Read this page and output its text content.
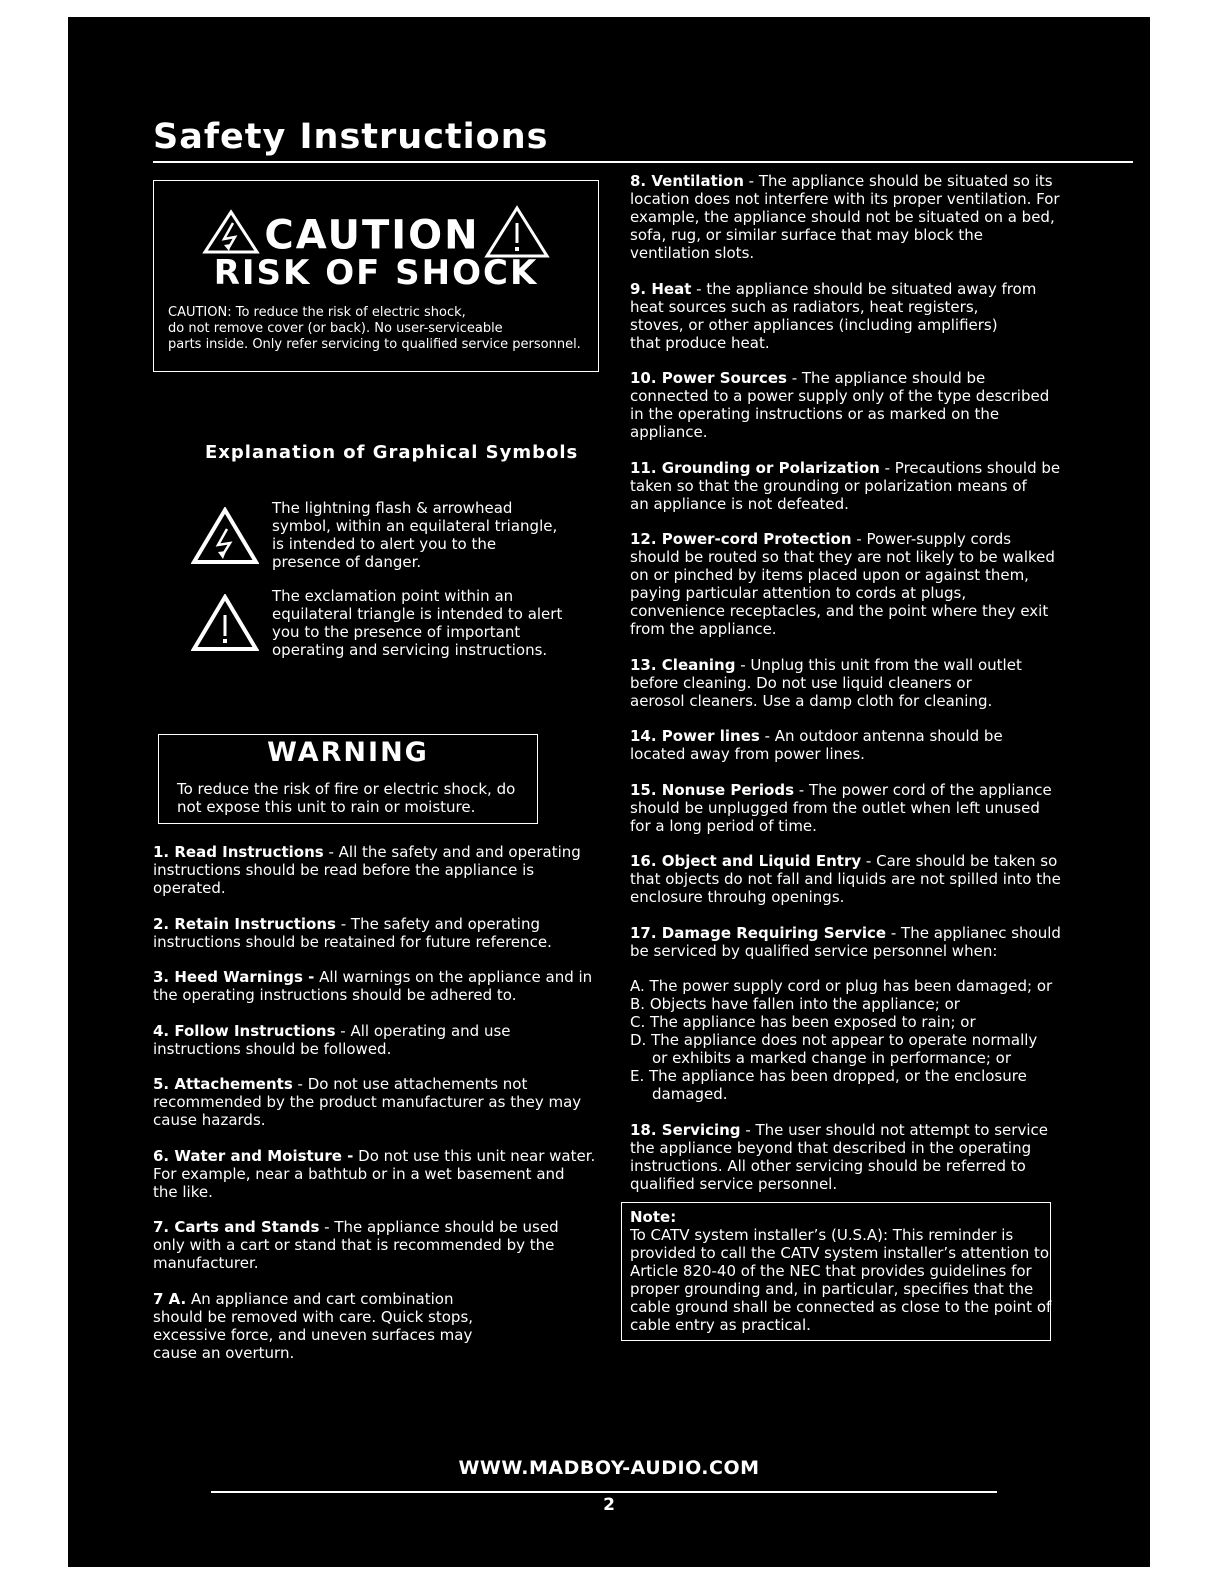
Safety Instructions
CAUTION
RISK OF SHOCK
CAUTION: To reduce the risk of electric shock,
do not remove cover (or back). No user-serviceable
parts inside. Only refer servicing to qualified service personnel.
Explanation of Graphical Symbols
The lightning flash & arrowhead
symbol, within an equilateral triangle,
is intended to alert you to the
presence of danger.
The exclamation point within an
equilateral triangle is intended to alert
you to the presence of important
operating and servicing instructions.
WARNING
To reduce the risk of fire or electric shock, do
not expose this unit to rain or moisture.
1. Read Instructions - All the safety and and operating
instructions should be read before the appliance is
operated.
2. Retain Instructions - The safety and operating
instructions should be reatained for future reference.
3. Heed Warnings - All warnings on the appliance and in
the operating instructions should be adhered to.
4. Follow Instructions - All operating and use
instructions should be followed.
5. Attachements - Do not use attachements not
recommended by the product manufacturer as they may
cause hazards.
6. Water and Moisture - Do not use this unit near water.
For example, near a bathtub or in a wet basement and
the like.
7. Carts and Stands - The appliance should be used
only with a cart or stand that is recommended by the
manufacturer.
7 A. An appliance and cart combination
should be removed with care. Quick stops,
excessive force, and uneven surfaces may
cause an overturn.
8. Ventilation - The appliance should be situated so its
location does not interfere with its proper ventilation. For
example, the appliance should not be situated on a bed,
sofa, rug, or similar surface that may block the
ventilation slots.
9. Heat - the appliance should be situated away from
heat sources such as radiators, heat registers,
stoves, or other appliances (including amplifiers)
that produce heat.
10. Power Sources - The appliance should be
connected to a power supply only of the type described
in the operating instructions or as marked on the
appliance.
11. Grounding or Polarization - Precautions should be
taken so that the grounding or polarization means of
an appliance is not defeated.
12. Power-cord Protection - Power-supply cords
should be routed so that they are not likely to be walked
on or pinched by items placed upon or against them,
paying particular attention to cords at plugs,
convenience receptacles, and the point where they exit
from the appliance.
13. Cleaning - Unplug this unit from the wall outlet
before cleaning. Do not use liquid cleaners or
aerosol cleaners. Use a damp cloth for cleaning.
14. Power lines - An outdoor antenna should be
located away from power lines.
15. Nonuse Periods - The power cord of the appliance
should be unplugged from the outlet when left unused
for a long period of time.
16. Object and Liquid Entry - Care should be taken so
that objects do not fall and liquids are not spilled into the
enclosure throuhg openings.
17. Damage Requiring Service - The applianec should
be serviced by qualified service personnel when:
A. The power supply cord or plug has been damaged; or
B. Objects have fallen into the appliance; or
C. The appliance has been exposed to rain; or
D. The appliance does not appear to operate normally
or exhibits a marked change in performance; or
E. The appliance has been dropped, or the enclosure
damaged.
18. Servicing - The user should not attempt to service
the appliance beyond that described in the operating
instructions. All other servicing should be referred to
qualified service personnel.
Note:
To CATV system installer’s (U.S.A): This reminder is
provided to call the CATV system installer’s attention to
Article 820-40 of the NEC that provides guidelines for
proper grounding and, in particular, specifies that the
cable ground shall be connected as close to the point of
cable entry as practical.
WWW.MADBOY-AUDIO.COM
2
